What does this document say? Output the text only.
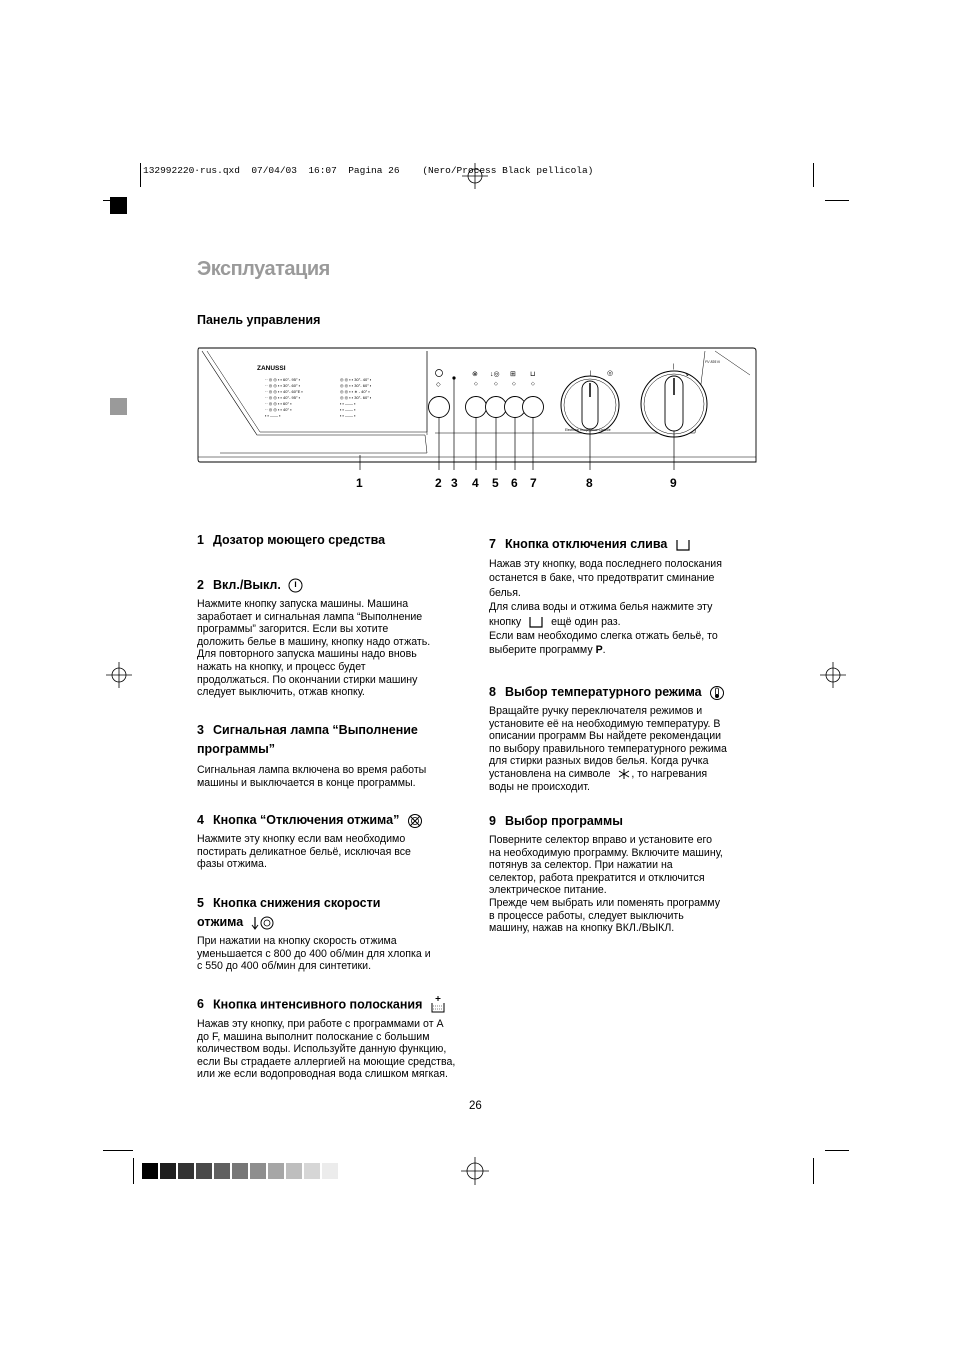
132992220·rus.qxd  07/04/03  16:07  Pagina 26    (Nero/Process Black pellicola)
Эксплуатация
Панель управления
ZANUSSI
·· ◎ ◎ ▪ ▪ 60°- 95° ▪
·· ◎ ◎ ▪ ▪ 30°- 60° ▪
·· ◎ ◎ ▪ ▪ 40°- 60°E ▪
·· ◎ ◎ ▪ ▪ 40°- 95° ▪
·· ◎ ◎ ▪ ▪ 60° ▪
·· ◎ ◎ ▪ ▪ 40° ▪
▪ ▪ —— ▪
◎ ◎ ▪ ▪ 30°- 40° ▪
◎ ◎ ▪ ▪ 30°- 60° ▪
◎ ◎ ▪ ▪ ∗ - 40° ▪
◎ ◎ ▪ ▪ 30°- 60° ▪
▪ ▪ —— ▪
▪ ▪ —— ▪
▪ ▪ —— ▪
◇
⊗
◇
↓◎
◇
⊞
◇
⊔
◇
❘ ◎
Electronic Temperature Controle
❘
↘
FV 835 N
1	2 3 4 5 6 7	8	9
1 Дозатор моющего средства
2 Вкл./Выкл.
Нажмите кнопку запуска машины. Машина
заработает и сигнальная лампа “Выполнение
программы” загорится. Если вы хотите
доложить белье в машину, кнопку надо отжать.
Для повторного запуска машины надо вновь
нажать на кнопку, и процесс будет
продолжаться. По окончании стирки машину
следует выключить, отжав кнопку.
3 Сигнальная лампа “Выполнение
программы”
Сигнальная лампа включена во время работы
машины и выключается в конце программы.
4 Кнопка “Отключения отжима”
Нажмите эту кнопку если вам необходимо
постирать деликатное бельё, исключая все
фазы отжима.
5 Кнопка снижения скорости
отжима
При нажатии на кнопку скорость отжима
уменьшается с 800 до 400 об/мин для хлопка и
с 550 до 400 об/мин для синтетики.
6 Кнопка интенсивного полоскания
Нажав эту кнопку, при работе с программами от A
до F, машина выполнит полоскание с большим
количеством воды. Используйте данную функцию,
если Вы страдаете аллергией на моющие средства,
или же если водопроводная вода слишком мягкая.
7 Кнопка отключения слива
Нажав эту кнопку, вода последнего полоскания
останется в баке, что предотвратит сминание
белья.
Для слива воды и отжима белья нажмите эту
кнопку	ещё один раз.
Если вам необходимо слегка отжать бельё, то
выберите программу P.
8 Выбор температурного режима
Вращайте ручку переключателя режимов и
установите её на необходимую температуру. В
описании программ Вы найдете рекомендации
по выбору правильного температурного режима
для стирки разных видов белья. Когда ручка
установлена на символе , то нагревания
воды не происходит.
9 Выбор программы
Поверните селектор вправо и установите его
на необходимую программу. Включите машину,
потянув за селектор. При нажатии на
селектор, работа прекратится и отключится
электрическое питание.
Прежде чем выбрать или поменять программу
в процессе работы, следует выключить
машину, нажав на кнопку ВКЛ./ВЫКЛ.
26
